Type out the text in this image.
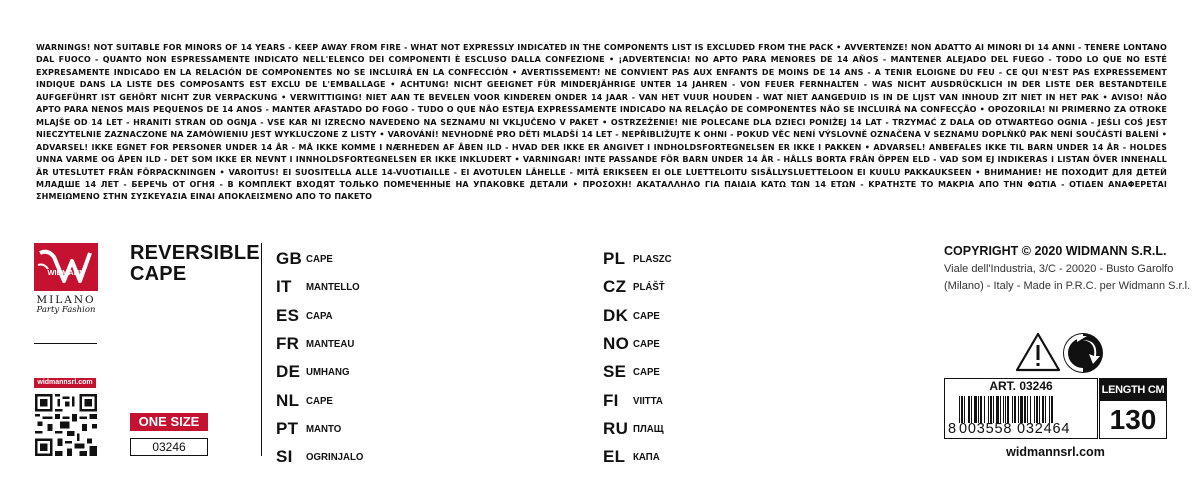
WARNINGS! NOT SUITABLE FOR MINORS OF 14 YEARS - KEEP AWAY FROM FIRE - WHAT NOT EXPRESSLY INDICATED IN THE COMPONENTS LIST IS EXCLUDED FROM THE PACK • AVVERTENZE! NON ADATTO AI MINORI DI 14 ANNI - TENERE LONTANO DAL FUOCO - QUANTO NON ESPRESSAMENTE INDICATO NELL'ELENCO DEI COMPONENTI È ESCLUSO DALLA CONFEZIONE • ¡ADVERTENCIA! NO APTO PARA MENORES DE 14 AÑOS - MANTENER ALEJADO DEL FUEGO - TODO LO QUE NO ESTÉ EXPRESAMENTE INDICADO EN LA RELACIÓN DE COMPONENTES NO SE INCLUIRÁ EN LA CONFECCIÓN • AVERTISSEMENT! NE CONVIENT PAS AUX ENFANTS DE MOINS DE 14 ANS - A TENIR ELOIGNE DU FEU - CE QUI N'EST PAS EXPRESSEMENT INDIQUE DANS LA LISTE DES COMPOSANTS EST EXCLU DE L'EMBALLAGE • ACHTUNG! NICHT GEEIGNET FÜR MINDERJÄHRIGE UNTER 14 JAHREN - VON FEUER FERNHALTEN - WAS NICHT AUSDRÜCKLICH IN DER LISTE DER BESTANDTEILE AUFGEFÜHRT IST GEHÖRT NICHT ZUR VERPACKUNG • VERWITTIGING! NIET AAN TE BEVELEN VOOR KINDEREN ONDER 14 JAAR - VAN HET VUUR HOUDEN - WAT NIET AANGEDUID IS IN DE LIJST VAN INHOUD ZIT NIET IN HET PAK • AVISO! NÃO APTO PARA NENOS MAIS PEQUENOS DE 14 ANOS - MANTER AFASTADO DO FOGO - TUDO O QUE NÃO ESTEJA EXPRESSAMENTE INDICADO NA RELAÇÃO DE COMPONENTES NÃO SE INCLUIRÁ NA CONFECÇÃO • OPOZORILA! NI PRIMERNO ZA OTROKE MLAJŠE OD 14 LET - HRANITI STRAN OD OGNJA - VSE KAR NI IZRECNO NAVEDENO NA SEZNAMU NI VKLJUČENO V PAKET • OSTRZEŻENIE! NIE POLECANE DLA DZIECI PONIŻEJ 14 LAT - TRZYMAĆ Z DALA OD OTWARTEGO OGNIA - JEŚLI COŚ JEST NIECZYTELNIE ZAZNACZONE NA ZAMÓWIENIU JEST WYKLUCZONE Z LISTY • VAROVÁNÍ! NEVHODNÉ PRO DĚTI MLADŠÍ 14 LET - NEPŘIBLIŽUJTE K OHNI - POKUD VĚC NENÍ VÝSLOVNĚ OZNAČENA V SEZNAMU DOPLŇKŮ PAK NENÍ SOUČÁSTÍ BALENÍ • ADVARSEL! IKKE EGNET FOR PERSONER UNDER 14 ÅR - MÅ IKKE KOMME I NÆRHEDEN AF ÅBEN ILD - HVAD DER IKKE ER ANGIVET I INDHOLDSFORTEGNELSEN ER IKKE I PAKKEN • ADVARSEL! ANBEFALES IKKE TIL BARN UNDER 14 ÅR - HOLDES UNNA VARME OG ÅPEN ILD - DET SOM IKKE ER NEVNT I INNHOLDSFORTEGNELSEN ER IKKE INKLUDERT • VARNINGAR! INTE PASSANDE FÖR BARN UNDER 14 ÅR - HÅLLS BORTA FRÅN ÖPPEN ELD - VAD SOM EJ INDIKERAS I LISTAN ÖVER INNEHALL ÄR UTESLUTET FRÅN FÖRPACKNINGEN • VAROITUS! EI SUOSITELLA ALLE 14-VUOTIAILLE - EI AVOTULEN LÄHELLE - MITÄ ERIKSEEN EI OLE LUETTELOITU SISÄLLYSLUETTELOON EI KUULU PAKKAUKSEEN • ВНИМАНИЕ! НЕ ПОХОДИТ ДЛЯ ДЕТЕЙ МЛАДШЕ 14 ЛЕТ - БЕРЕЧЬ ОТ ОГНЯ - В КОМПЛЕКТ ВХОДЯТ ТОЛЬКО ПОМЕЧЕННЫЕ НА УПАКОВКЕ ДЕТАЛИ • ΠΡΟΣΟΧΗ! ΑΚΑΤΑΛΛΗΛΟ ΓΙΑ ΠΑΙΔΙΑ ΚΑΤΩ ΤΩΝ 14 ΕΤΩΝ - ΚΡΑΤΗΣΤΕ ΤΟ ΜΑΚΡΙΑ ΑΠΟ ΤΗΝ ΦΩΤΙΑ - ΟΤΙΔΕΝ ΑΝΑΦΕΡΕΤΑΙ ΣΗΜΕΙΩΜΕΝΟ ΣΤΗΝ ΣΥΣΚΕΥΑΣΙΑ ΕΙΝΑΙ ΑΠΟΚΛΕΙΣΜΕΝΟ ΑΠΟ ΤΟ ΠΑΚΕΤΟ
WIDMANN
MILANO
Party Fashion
widmannsrl.com
REVERSIBLE
CAPE
ONE SIZE
03246
GB CAPE
IT	MANTELLO
ES CAPA
FR MANTEAU
DE UMHANG
NL CAPE
PT MANTO
SI	OGRINJALO
PL PLASZC
CZ PLÁŠŤ
DK CAPE
NO CAPE
SE CAPE
FI	VIITTA
RU ПЛАЩ
EL КАПА
COPYRIGHT © 2020 WIDMANN S.R.L.
Viale dell'Industria, 3/C - 20020 - Busto Garolfo
(Milano) - Italy - Made in P.R.C. per Widmann S.r.l.
ART. 03246
8 003558 032464
LENGTH CM
130
widmannsrl.com
